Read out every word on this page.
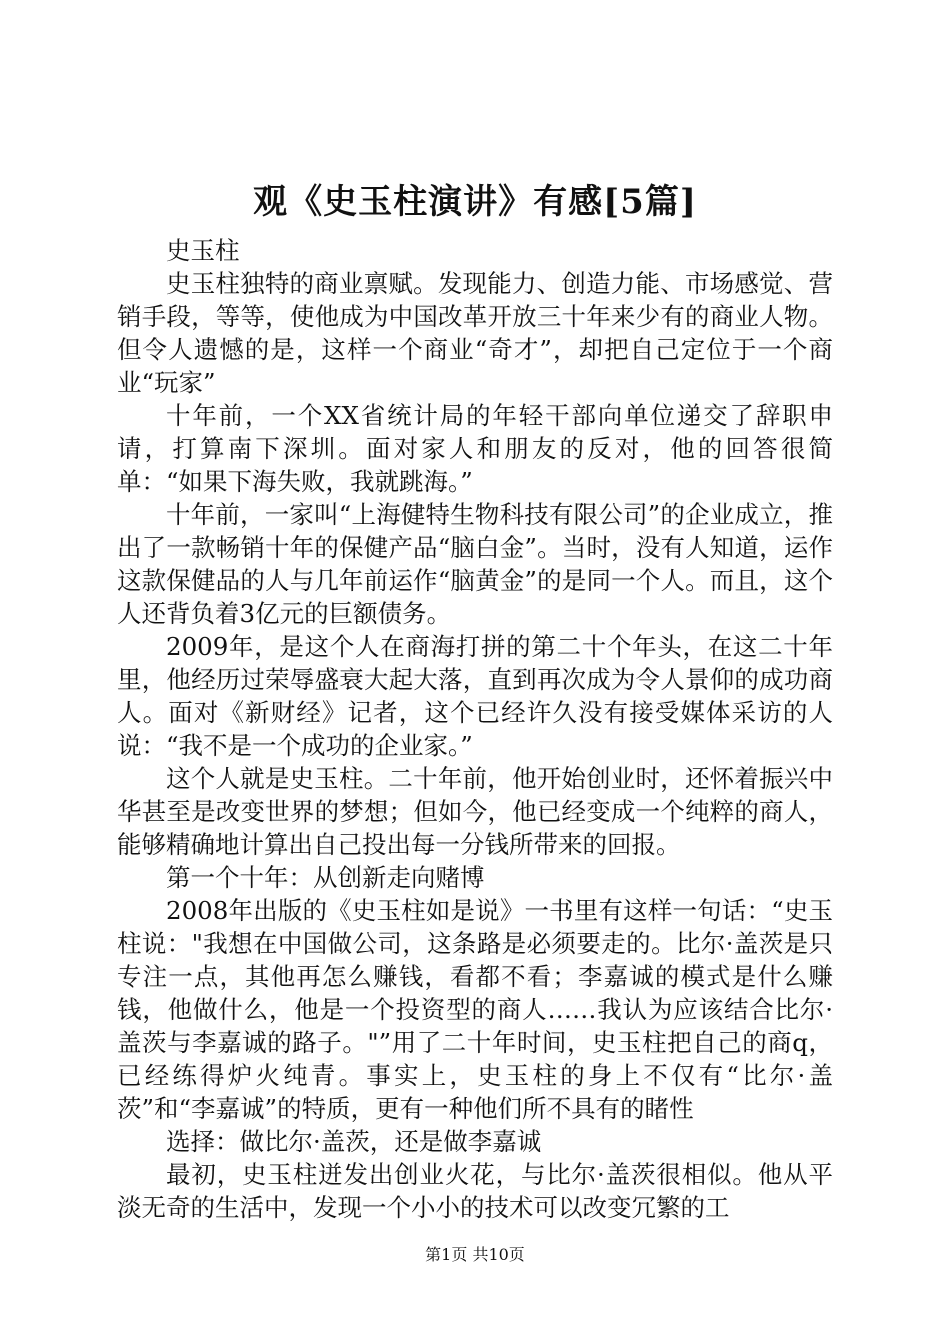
观《史玉柱演讲》有感[5篇]

史玉柱

史玉柱独特的商业禀赋。发现能力、创造力能、市场感觉、营销手段，等等，使他成为中国改革开放三十年来少有的商业人物。但令人遗憾的是，这样一个商业“奇才”，却把自己定位于一个商业“玩家”

十年前，一个XX省统计局的年轻干部向单位递交了辞职申请，打算南下深圳。面对家人和朋友的反对，他的回答很简单：“如果下海失败，我就跳海。”

十年前，一家叫“上海健特生物科技有限公司”的企业成立，推出了一款畅销十年的保健产品“脑白金”。当时，没有人知道，运作这款保健品的人与几年前运作“脑黄金”的是同一个人。而且，这个人还背负着3亿元的巨额债务。

2009年，是这个人在商海打拼的第二十个年头，在这二十年里，他经历过荣辱盛衰大起大落，直到再次成为令人景仰的成功商人。面对《新财经》记者，这个已经许久没有接受媒体采访的人说：“我不是一个成功的企业家。”

这个人就是史玉柱。二十年前，他开始创业时，还怀着振兴中华甚至是改变世界的梦想；但如今，他已经变成一个纯粹的商人，能够精确地计算出自己投出每一分钱所带来的回报。

第一个十年：从创新走向赌博

2008年出版的《史玉柱如是说》一书里有这样一句话：“史玉柱说："我想在中国做公司，这条路是必须要走的。比尔·盖茨是只专注一点，其他再怎么赚钱，看都不看；李嘉诚的模式是什么赚钱，他做什么，他是一个投资型的商人……我认为应该结合比尔·盖茨与李嘉诚的路子。"”用了二十年时间，史玉柱把自己的商q，已经练得炉火纯青。事实上，史玉柱的身上不仅有“比尔·盖茨”和“李嘉诚”的特质，更有一种他们所不具有的睹性

选择：做比尔·盖茨，还是做李嘉诚

最初，史玉柱迸发出创业火花，与比尔·盖茨很相似。他从平淡无奇的生活中，发现一个小小的技术可以改变冗繁的工

第1页 共10页
